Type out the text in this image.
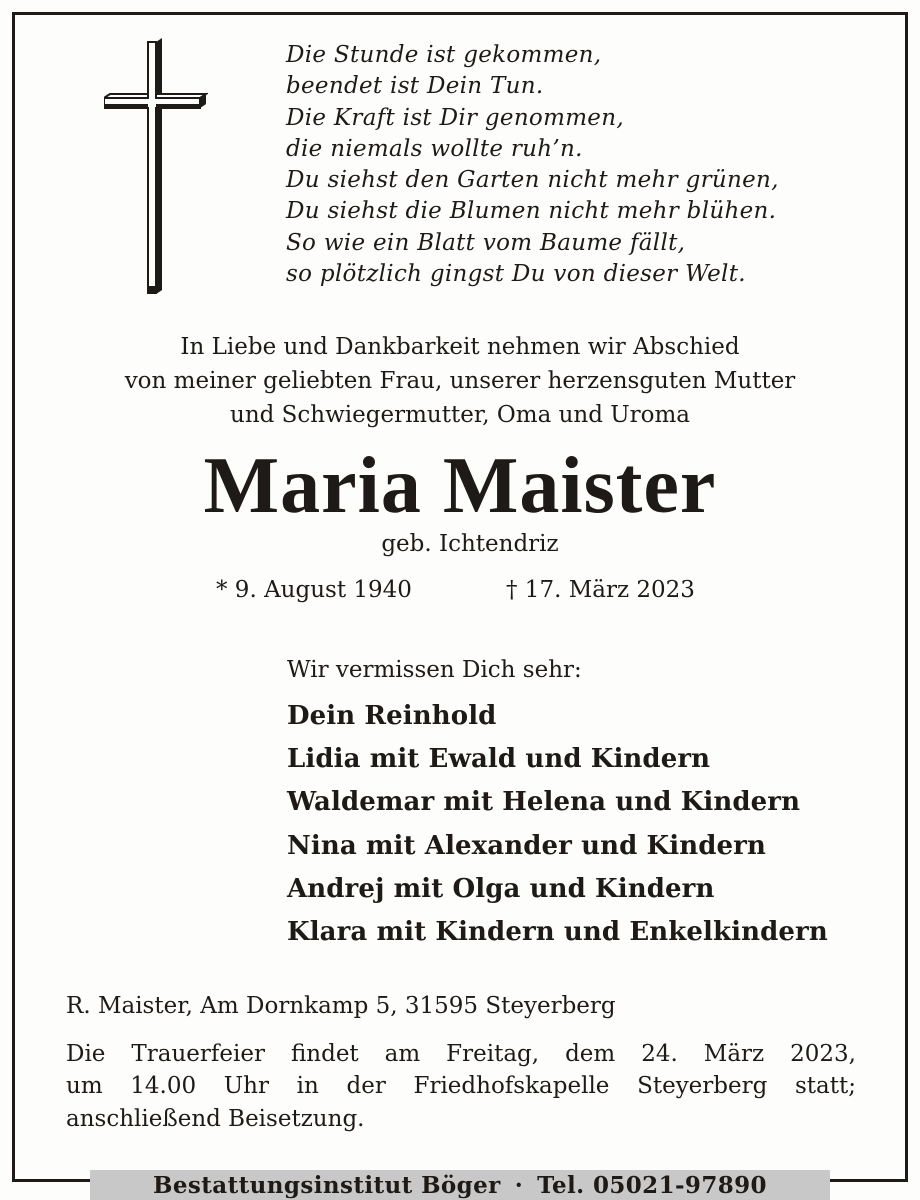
Die Stunde ist gekommen,
beendet ist Dein Tun.
Die Kraft ist Dir genommen,
die niemals wollte ruh’n.
Du siehst den Garten nicht mehr grünen,
Du siehst die Blumen nicht mehr blühen.
So wie ein Blatt vom Baume fällt,
so plötzlich gingst Du von dieser Welt.
In Liebe und Dankbarkeit nehmen wir Abschied
von meiner geliebten Frau, unserer herzensguten Mutter
und Schwiegermutter, Oma und Uroma
Maria Maister
geb. Ichtendriz
* 9. August 1940	† 17. März 2023
Wir vermissen Dich sehr:
Dein Reinhold
Lidia mit Ewald und Kindern
Waldemar mit Helena und Kindern
Nina mit Alexander und Kindern
Andrej mit Olga und Kindern
Klara mit Kindern und Enkelkindern
R. Maister, Am Dornkamp 5, 31595 Steyerberg
Die Trauerfeier findet am Freitag, dem 24. März 2023,
um 14.00 Uhr in der Friedhofskapelle Steyerberg statt;
anschließend Beisetzung.
Bestattungsinstitut Böger · Tel. 05021-97890
